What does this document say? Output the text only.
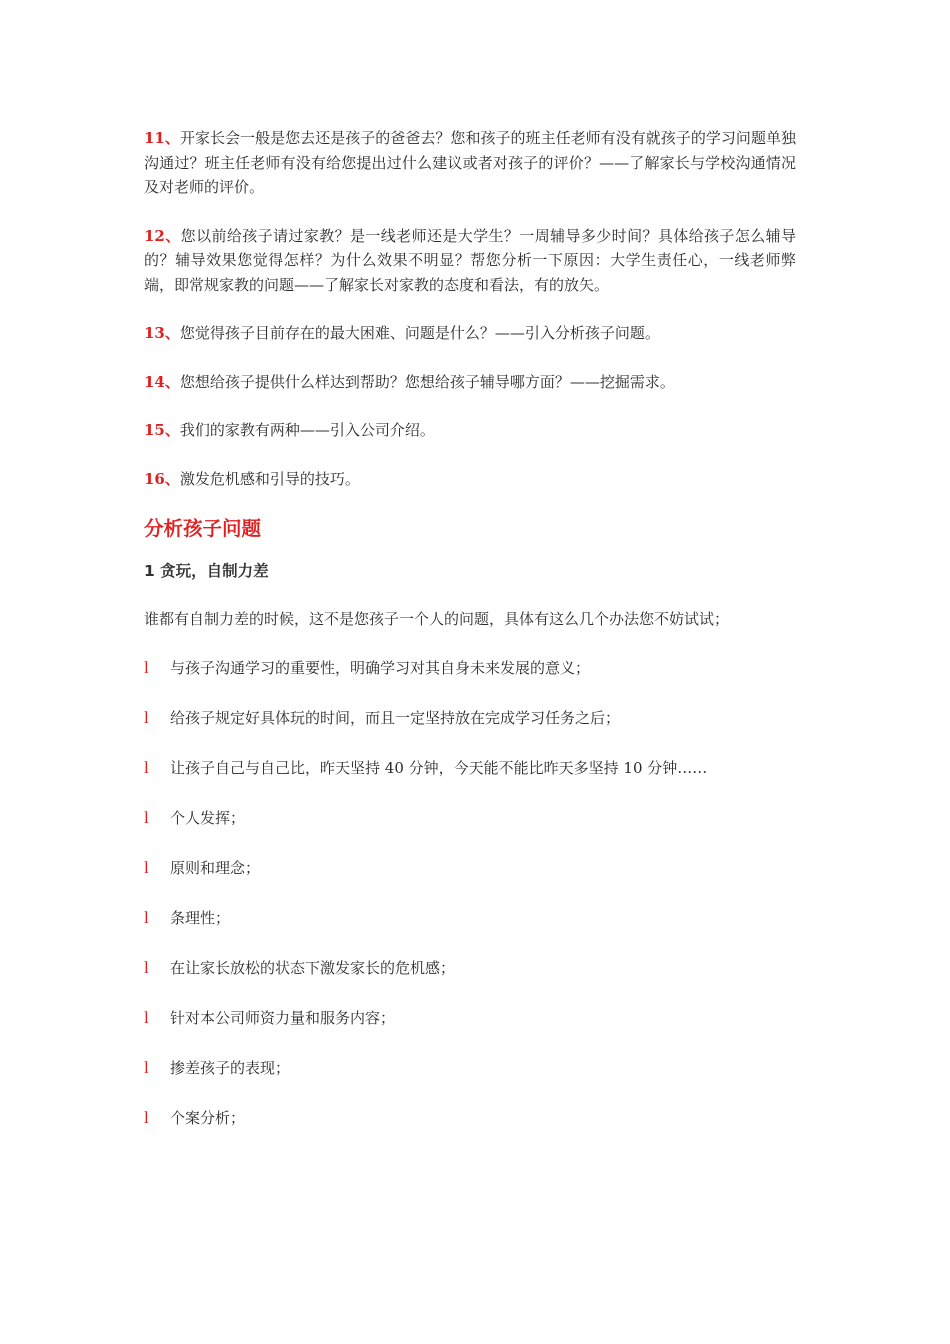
11、开家长会一般是您去还是孩子的爸爸去？您和孩子的班主任老师有没有就孩子的学习问题单独沟通过？班主任老师有没有给您提出过什么建议或者对孩子的评价？——了解家长与学校沟通情况及对老师的评价。

12、您以前给孩子请过家教？是一线老师还是大学生？一周辅导多少时间？具体给孩子怎么辅导的？辅导效果您觉得怎样？为什么效果不明显？帮您分析一下原因：大学生责任心，一线老师弊端，即常规家教的问题——了解家长对家教的态度和看法，有的放矢。

13、您觉得孩子目前存在的最大困难、问题是什么？——引入分析孩子问题。

14、您想给孩子提供什么样达到帮助？您想给孩子辅导哪方面？——挖掘需求。

15、我们的家教有两种——引入公司介绍。

16、激发危机感和引导的技巧。

分析孩子问题
1 贪玩，自制力差
谁都有自制力差的时候，这不是您孩子一个人的问题，具体有这么几个办法您不妨试试；
l 与孩子沟通学习的重要性，明确学习对其自身未来发展的意义；
l 给孩子规定好具体玩的时间，而且一定坚持放在完成学习任务之后；
l 让孩子自己与自己比，昨天坚持 40 分钟，今天能不能比昨天多坚持 10 分钟……
l 个人发挥；
l 原则和理念；
l 条理性；
l 在让家长放松的状态下激发家长的危机感；
l 针对本公司师资力量和服务内容；
l 掺差孩子的表现；
l 个案分析；
